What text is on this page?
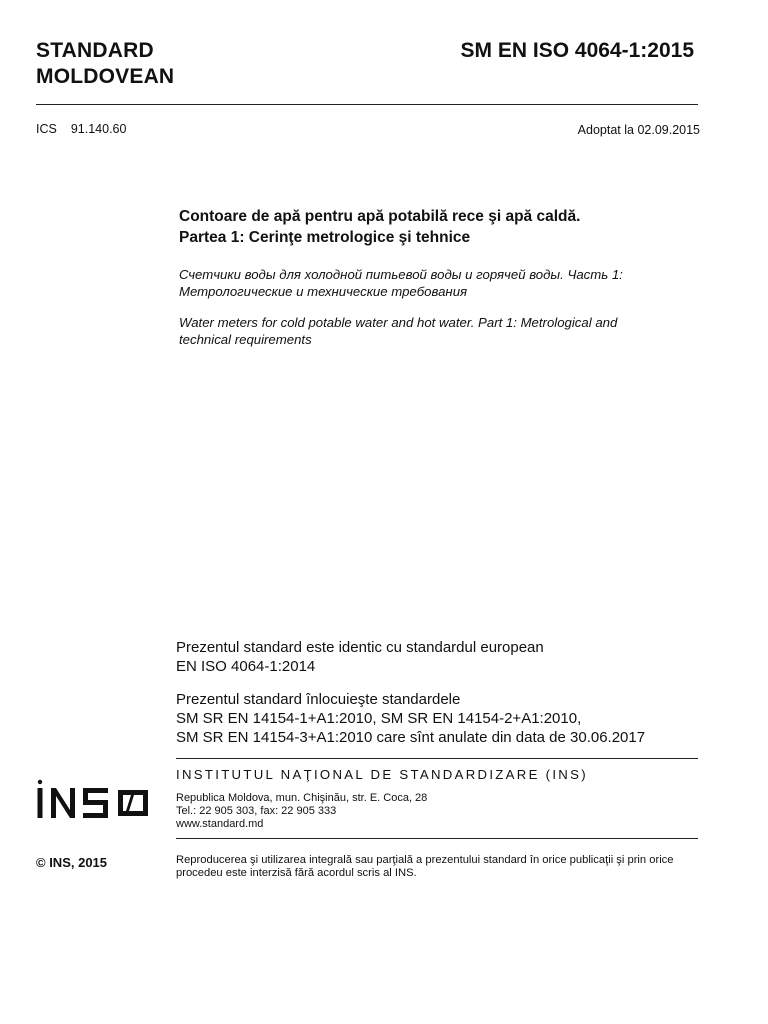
STANDARD
MOLDOVEAN
SM EN ISO 4064-1:2015
ICS 91.140.60	Adoptat la 02.09.2015
Contoare de apă pentru apă potabilă rece şi apă caldă.
Partea 1: Cerinţe metrologice şi tehnice
Счетчики воды для холодной питьевой воды и горячей воды. Часть 1:
Метрологические и технические требования
Water meters for cold potable water and hot water. Part 1: Metrological and
technical requirements
Prezentul standard este identic cu standardul european
EN ISO 4064-1:2014
Prezentul standard înlocuieşte standardele
SM SR EN 14154-1+A1:2010, SM SR EN 14154-2+A1:2010,
SM SR EN 14154-3+A1:2010 care sînt anulate din data de 30.06.2017
INSTITUTUL NAŢIONAL DE STANDARDIZARE (INS)
Republica Moldova, mun. Chişinău, str. E. Coca, 28
Tel.: 22 905 303, fax: 22 905 333
www.standard.md
© INS, 2015	Reproducerea şi utilizarea integrală sau parţială a prezentului standard în orice publicaţii şi prin orice procedeu este interzisă fără acordul scris al INS.
